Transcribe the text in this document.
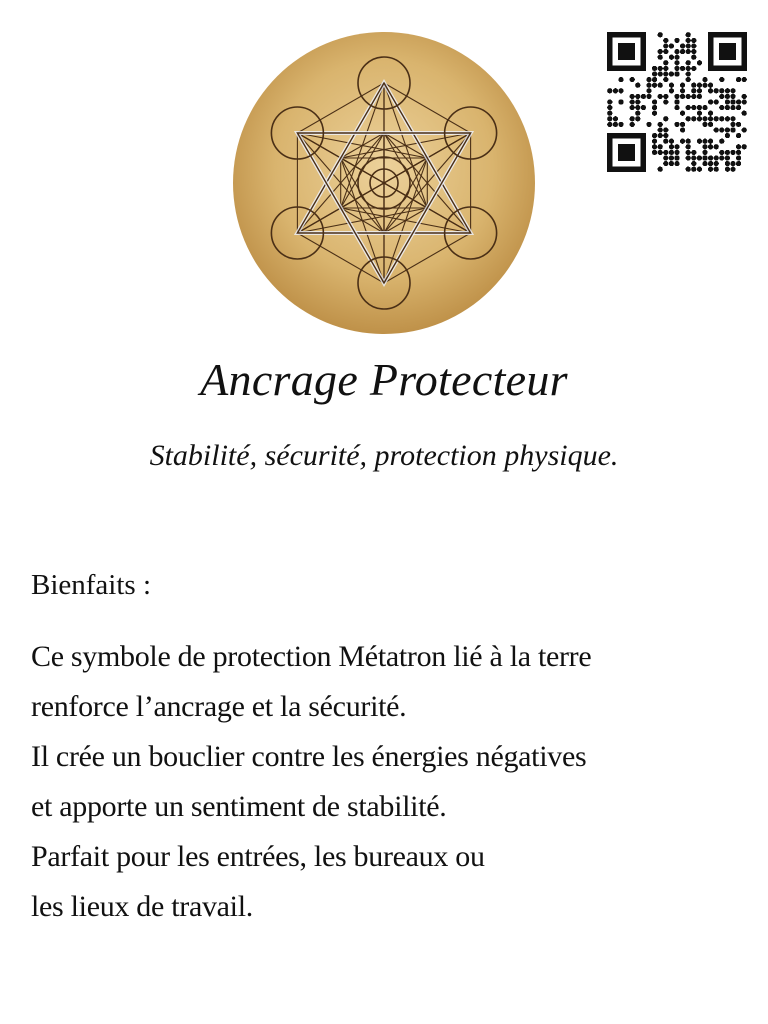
Ancrage Protecteur

Stabilité, sécurité, protection physique.

Bienfaits :
Ce symbole de protection Métatron lié à la terre
renforce l’ancrage et la sécurité.
Il crée un bouclier contre les énergies négatives
et apporte un sentiment de stabilité.
Parfait pour les entrées, les bureaux ou
les lieux de travail.
